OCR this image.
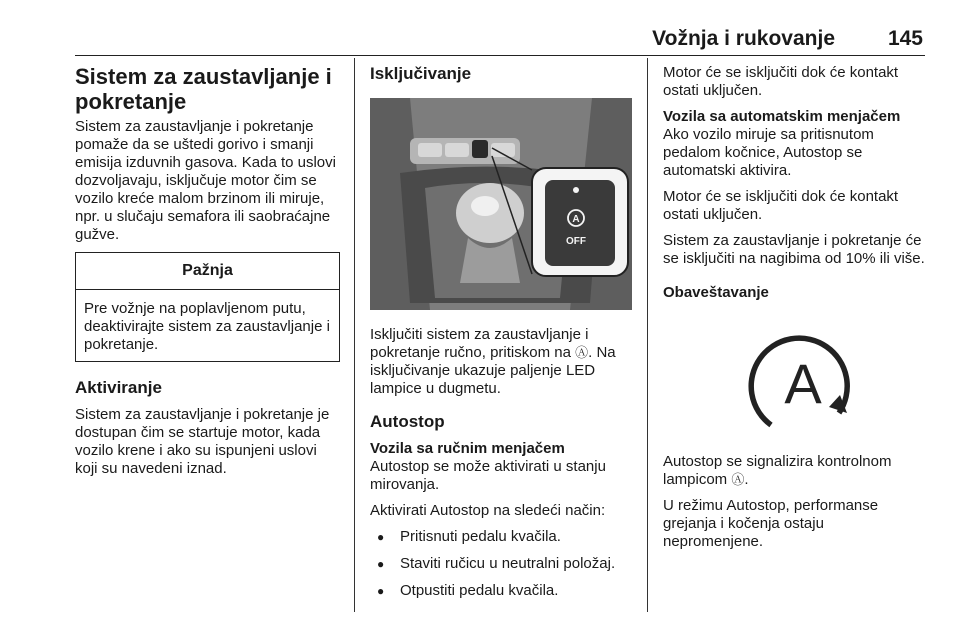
Vožnja i rukovanje	145
Sistem za zaustavljanje i pokretanje

Sistem za zaustavljanje i pokretanje pomaže da se uštedi gorivo i smanji emisija izduvnih gasova. Kada to uslovi dozvoljavaju, isključuje motor čim se vozilo kreće malom brzinom ili miruje, npr. u slučaju semafora ili saobraćajne gužve.

Pažnja
Pre vožnje na poplavljenom putu, deaktivirajte sistem za zaustavljanje i pokretanje.
Aktiviranje

Sistem za zaustavljanje i pokretanje je dostupan čim se startuje motor, kada vozilo krene i ako su ispunjeni uslovi koji su navedeni iznad.

Isključivanje
A
OFF

Isključiti sistem za zaustavljanje i pokretanje ručno, pritiskom na Ⓐ. Na isključivanje ukazuje paljenje LED lampice u dugmetu.

Autostop
Vozila sa ručnim menjačem

Autostop se može aktivirati u stanju mirovanja.

Aktivirati Autostop na sledeći način:

● Pritisnuti pedalu kvačila.
● Staviti ručicu u neutralni položaj.
● Otpustiti pedalu kvačila.

Motor će se isključiti dok će kontakt ostati uključen.

Vozila sa automatskim menjačem

Ako vozilo miruje sa pritisnutom pedalom kočnice, Autostop se automatski aktivira.

Motor će se isključiti dok će kontakt ostati uključen.

Sistem za zaustavljanje i pokretanje će se isključiti na nagibima od 10% ili više.

Obaveštavanje
A

Autostop se signalizira kontrolnom lampicom Ⓐ.

U režimu Autostop, performanse grejanja i kočenja ostaju nepromenjene.
